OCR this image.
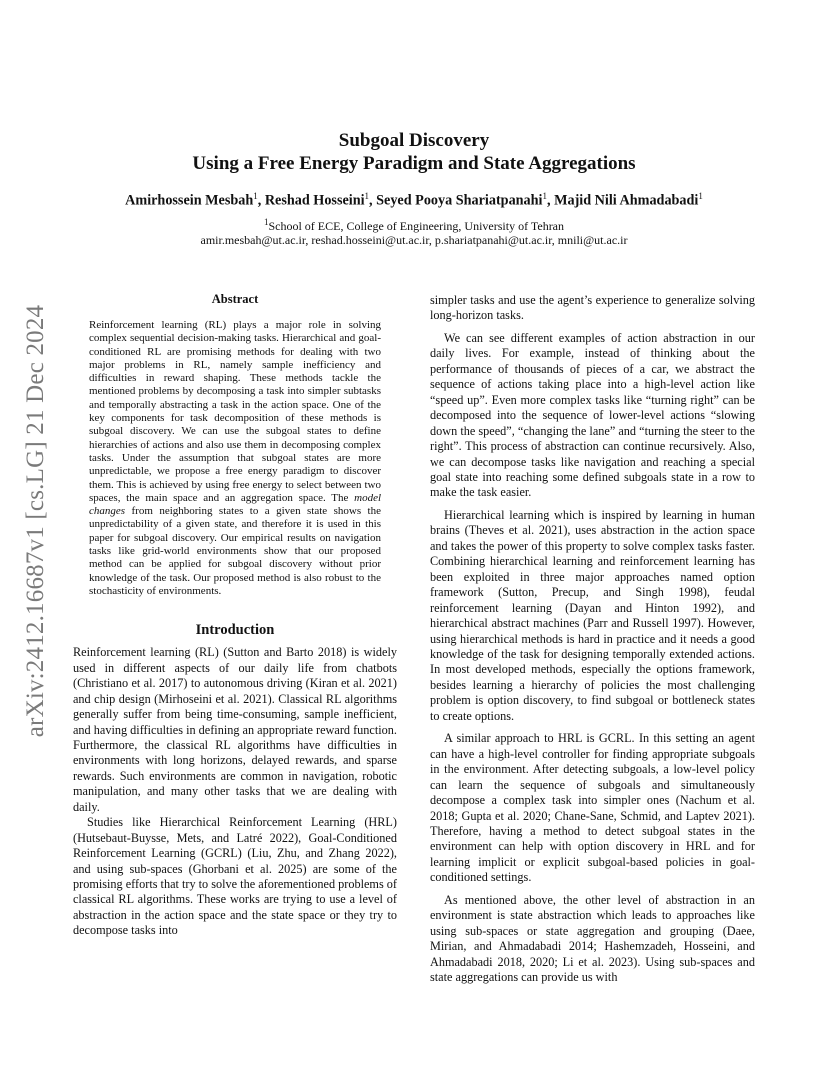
arXiv:2412.16687v1 [cs.LG] 21 Dec 2024
Subgoal Discovery
Using a Free Energy Paradigm and State Aggregations
Amirhossein Mesbah$^1$, Reshad Hosseini$^1$, Seyed Pooya Shariatpanahi$^1$, Majid Nili Ahmadabadi$^1$
$^1$School of ECE, College of Engineering, University of Tehran
amir.mesbah@ut.ac.ir, reshad.hosseini@ut.ac.ir, p.shariatpanahi@ut.ac.ir, mnili@ut.ac.ir
Abstract

Reinforcement learning (RL) plays a major role in solving complex sequential decision-making tasks. Hierarchical and goal-conditioned RL are promising methods for dealing with two major problems in RL, namely sample inefficiency and difficulties in reward shaping. These methods tackle the mentioned problems by decomposing a task into simpler subtasks and temporally abstracting a task in the action space. One of the key components for task decomposition of these methods is subgoal discovery. We can use the subgoal states to define hierarchies of actions and also use them in decomposing complex tasks. Under the assumption that subgoal states are more unpredictable, we propose a free energy paradigm to discover them. This is achieved by using free energy to select between two spaces, the main space and an aggregation space. The model changes from neighboring states to a given state shows the unpredictability of a given state, and therefore it is used in this paper for subgoal discovery. Our empirical results on navigation tasks like grid-world environments show that our proposed method can be applied for subgoal discovery without prior knowledge of the task. Our proposed method is also robust to the stochasticity of environments.

Introduction

Reinforcement learning (RL) (Sutton and Barto 2018) is widely used in different aspects of our daily life from chatbots (Christiano et al. 2017) to autonomous driving (Kiran et al. 2021) and chip design (Mirhoseini et al. 2021). Classical RL algorithms generally suffer from being time-consuming, sample inefficient, and having difficulties in defining an appropriate reward function. Furthermore, the classical RL algorithms have difficulties in environments with long horizons, delayed rewards, and sparse rewards. Such environments are common in navigation, robotic manipulation, and many other tasks that we are dealing with daily.

Studies like Hierarchical Reinforcement Learning (HRL) (Hutsebaut-Buysse, Mets, and Latré 2022), Goal-Conditioned Reinforcement Learning (GCRL) (Liu, Zhu, and Zhang 2022), and using sub-spaces (Ghorbani et al. 2025) are some of the promising efforts that try to solve the aforementioned problems of classical RL algorithms. These works are trying to use a level of abstraction in the action space and the state space or they try to decompose tasks into

simpler tasks and use the agent’s experience to generalize solving long-horizon tasks.

We can see different examples of action abstraction in our daily lives. For example, instead of thinking about the performance of thousands of pieces of a car, we abstract the sequence of actions taking place into a high-level action like “speed up”. Even more complex tasks like “turning right” can be decomposed into the sequence of lower-level actions “slowing down the speed”, “changing the lane” and “turning the steer to the right”. This process of abstraction can continue recursively. Also, we can decompose tasks like navigation and reaching a special goal state into reaching some defined subgoals state in a row to make the task easier.

Hierarchical learning which is inspired by learning in human brains (Theves et al. 2021), uses abstraction in the action space and takes the power of this property to solve complex tasks faster. Combining hierarchical learning and reinforcement learning has been exploited in three major approaches named option framework (Sutton, Precup, and Singh 1998), feudal reinforcement learning (Dayan and Hinton 1992), and hierarchical abstract machines (Parr and Russell 1997). However, using hierarchical methods is hard in practice and it needs a good knowledge of the task for designing temporally extended actions. In most developed methods, especially the options framework, besides learning a hierarchy of policies the most challenging problem is option discovery, to find subgoal or bottleneck states to create options.

A similar approach to HRL is GCRL. In this setting an agent can have a high-level controller for finding appropriate subgoals in the environment. After detecting subgoals, a low-level policy can learn the sequence of subgoals and simultaneously decompose a complex task into simpler ones (Nachum et al. 2018; Gupta et al. 2020; Chane-Sane, Schmid, and Laptev 2021). Therefore, having a method to detect subgoal states in the environment can help with option discovery in HRL and for learning implicit or explicit subgoal-based policies in goal-conditioned settings.

As mentioned above, the other level of abstraction in an environment is state abstraction which leads to approaches like using sub-spaces or state aggregation and grouping (Daee, Mirian, and Ahmadabadi 2014; Hashemzadeh, Hosseini, and Ahmadabadi 2018, 2020; Li et al. 2023). Using sub-spaces and state aggregations can provide us with
